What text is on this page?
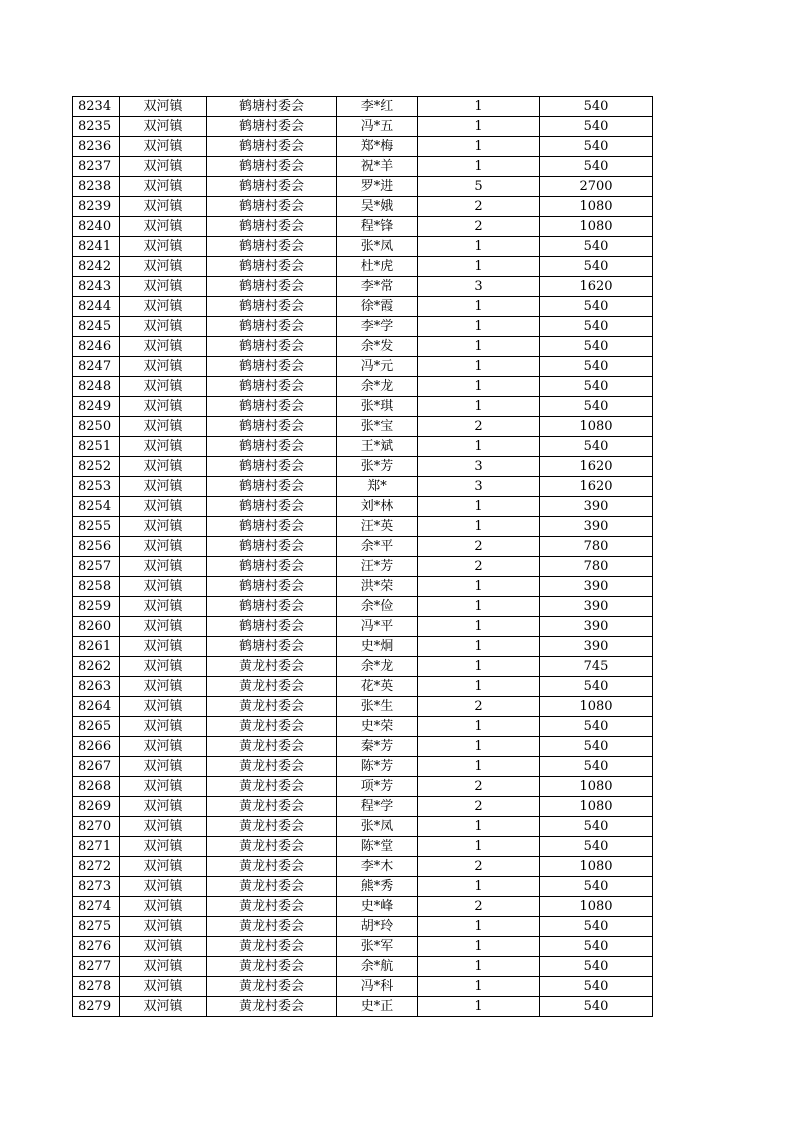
8234	双河镇	鹤塘村委会	李*红	1	540
8235	双河镇	鹤塘村委会	冯*五	1	540
8236	双河镇	鹤塘村委会	郑*梅	1	540
8237	双河镇	鹤塘村委会	祝*羊	1	540
8238	双河镇	鹤塘村委会	罗*进	5	2700
8239	双河镇	鹤塘村委会	吴*娥	2	1080
8240	双河镇	鹤塘村委会	程*锋	2	1080
8241	双河镇	鹤塘村委会	张*凤	1	540
8242	双河镇	鹤塘村委会	杜*虎	1	540
8243	双河镇	鹤塘村委会	李*常	3	1620
8244	双河镇	鹤塘村委会	徐*霞	1	540
8245	双河镇	鹤塘村委会	李*学	1	540
8246	双河镇	鹤塘村委会	余*发	1	540
8247	双河镇	鹤塘村委会	冯*元	1	540
8248	双河镇	鹤塘村委会	余*龙	1	540
8249	双河镇	鹤塘村委会	张*琪	1	540
8250	双河镇	鹤塘村委会	张*宝	2	1080
8251	双河镇	鹤塘村委会	王*斌	1	540
8252	双河镇	鹤塘村委会	张*芳	3	1620
8253	双河镇	鹤塘村委会	郑*	3	1620
8254	双河镇	鹤塘村委会	刘*林	1	390
8255	双河镇	鹤塘村委会	汪*英	1	390
8256	双河镇	鹤塘村委会	余*平	2	780
8257	双河镇	鹤塘村委会	汪*芳	2	780
8258	双河镇	鹤塘村委会	洪*荣	1	390
8259	双河镇	鹤塘村委会	余*俭	1	390
8260	双河镇	鹤塘村委会	冯*平	1	390
8261	双河镇	鹤塘村委会	史*炯	1	390
8262	双河镇	黄龙村委会	余*龙	1	745
8263	双河镇	黄龙村委会	花*英	1	540
8264	双河镇	黄龙村委会	张*生	2	1080
8265	双河镇	黄龙村委会	史*荣	1	540
8266	双河镇	黄龙村委会	秦*芳	1	540
8267	双河镇	黄龙村委会	陈*芳	1	540
8268	双河镇	黄龙村委会	项*芳	2	1080
8269	双河镇	黄龙村委会	程*学	2	1080
8270	双河镇	黄龙村委会	张*凤	1	540
8271	双河镇	黄龙村委会	陈*堂	1	540
8272	双河镇	黄龙村委会	李*木	2	1080
8273	双河镇	黄龙村委会	熊*秀	1	540
8274	双河镇	黄龙村委会	史*峰	2	1080
8275	双河镇	黄龙村委会	胡*玲	1	540
8276	双河镇	黄龙村委会	张*军	1	540
8277	双河镇	黄龙村委会	余*航	1	540
8278	双河镇	黄龙村委会	冯*科	1	540
8279	双河镇	黄龙村委会	史*正	1	540
